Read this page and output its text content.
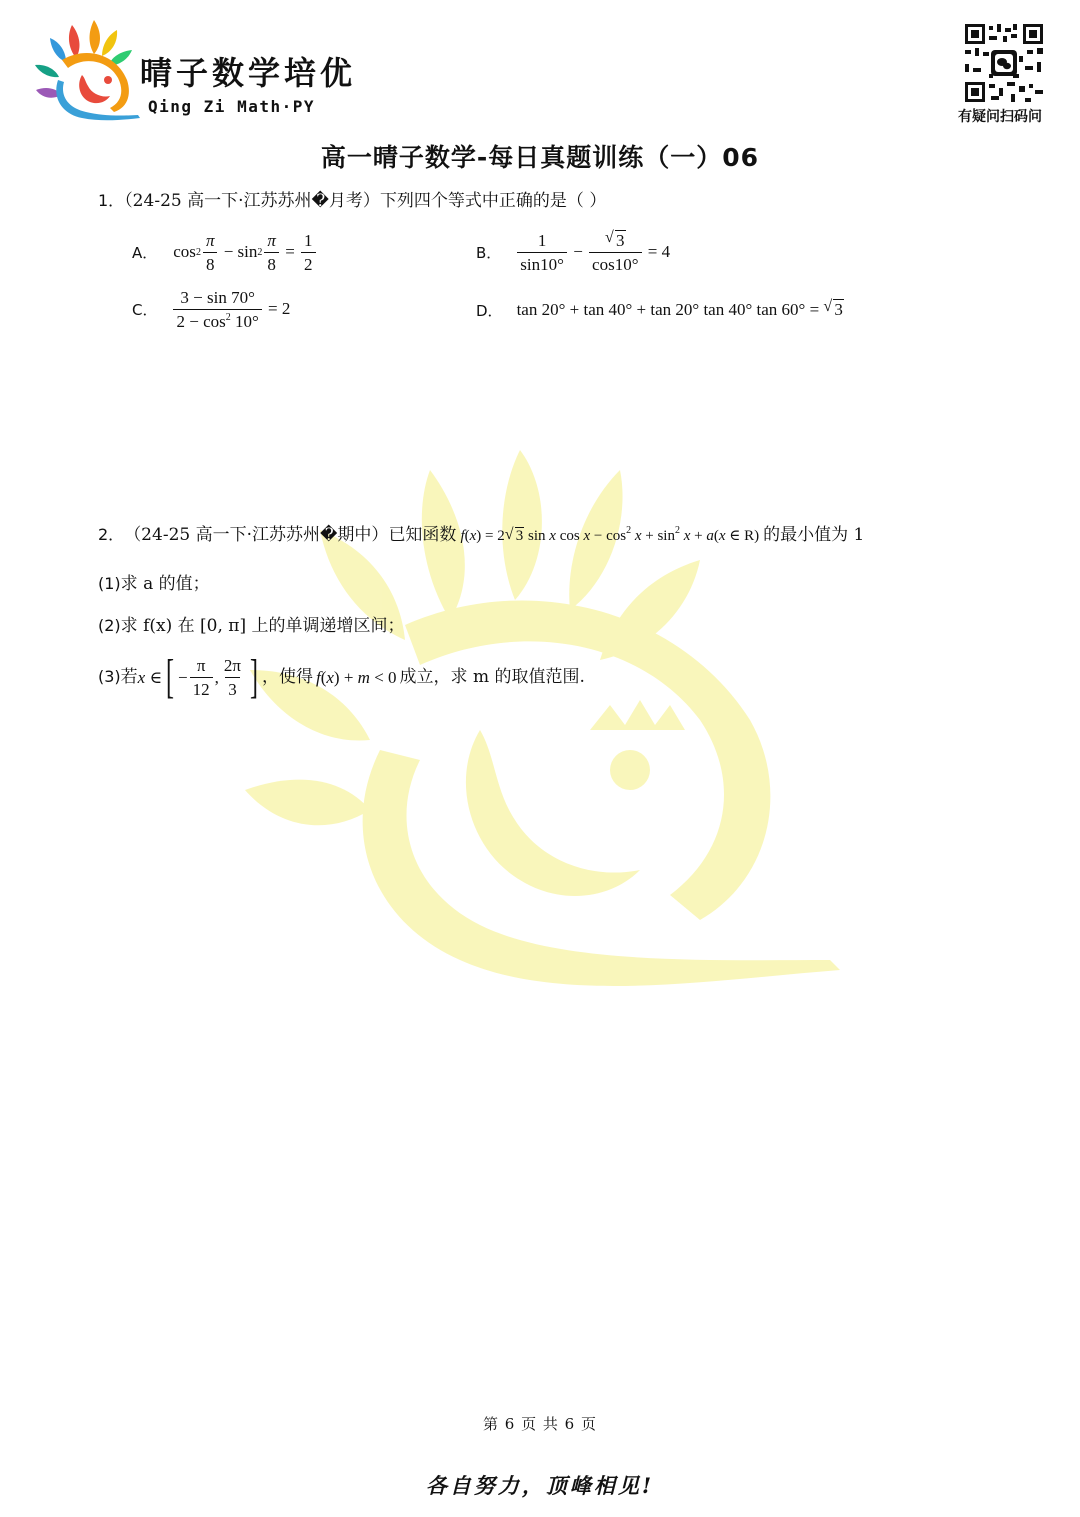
晴子数学培优
Qing Zi Math·PY
有疑问扫码问
高一晴子数学-每日真题训练（一）06
1．（24-25 高一下·江苏苏州�月考）下列四个等式中正确的是（ ）
A． $\cos 2 \frac{\pi}{8} - \sin 2 \frac{\pi}{8} = \frac{1}{2}$	B． $\frac{1}{\sin 10^\circ}$ − √ $\frac{3}{\cos 10^\circ} = 4$
C． $\frac{3 - \sin 70^\circ}{2 - \cos^2 10^\circ} = 2$	D． tan 20° + tan 40° + tan 20° tan 40° tan 60° = √ 3
2． （24-25 高一下·江苏苏州�期中） 已知函数 f(x) = 2 √ 3 sin x $\cos x - \cos^2 x + \sin^2 x + a(x$ ∈ R) 的最小值为 1
(1)求 a 的值；
(2)求 f(x) 在 [0, π] 上的单调递增区间；
(3) 若 x ∈ [ − $\frac{\pi}{12}$ , $\frac{2\pi}{3}$ ] ，使得 f(x) + m < 0 成立，求 m 的取值范围.
第 6 页 共 6 页
各自努力，顶峰相见!
